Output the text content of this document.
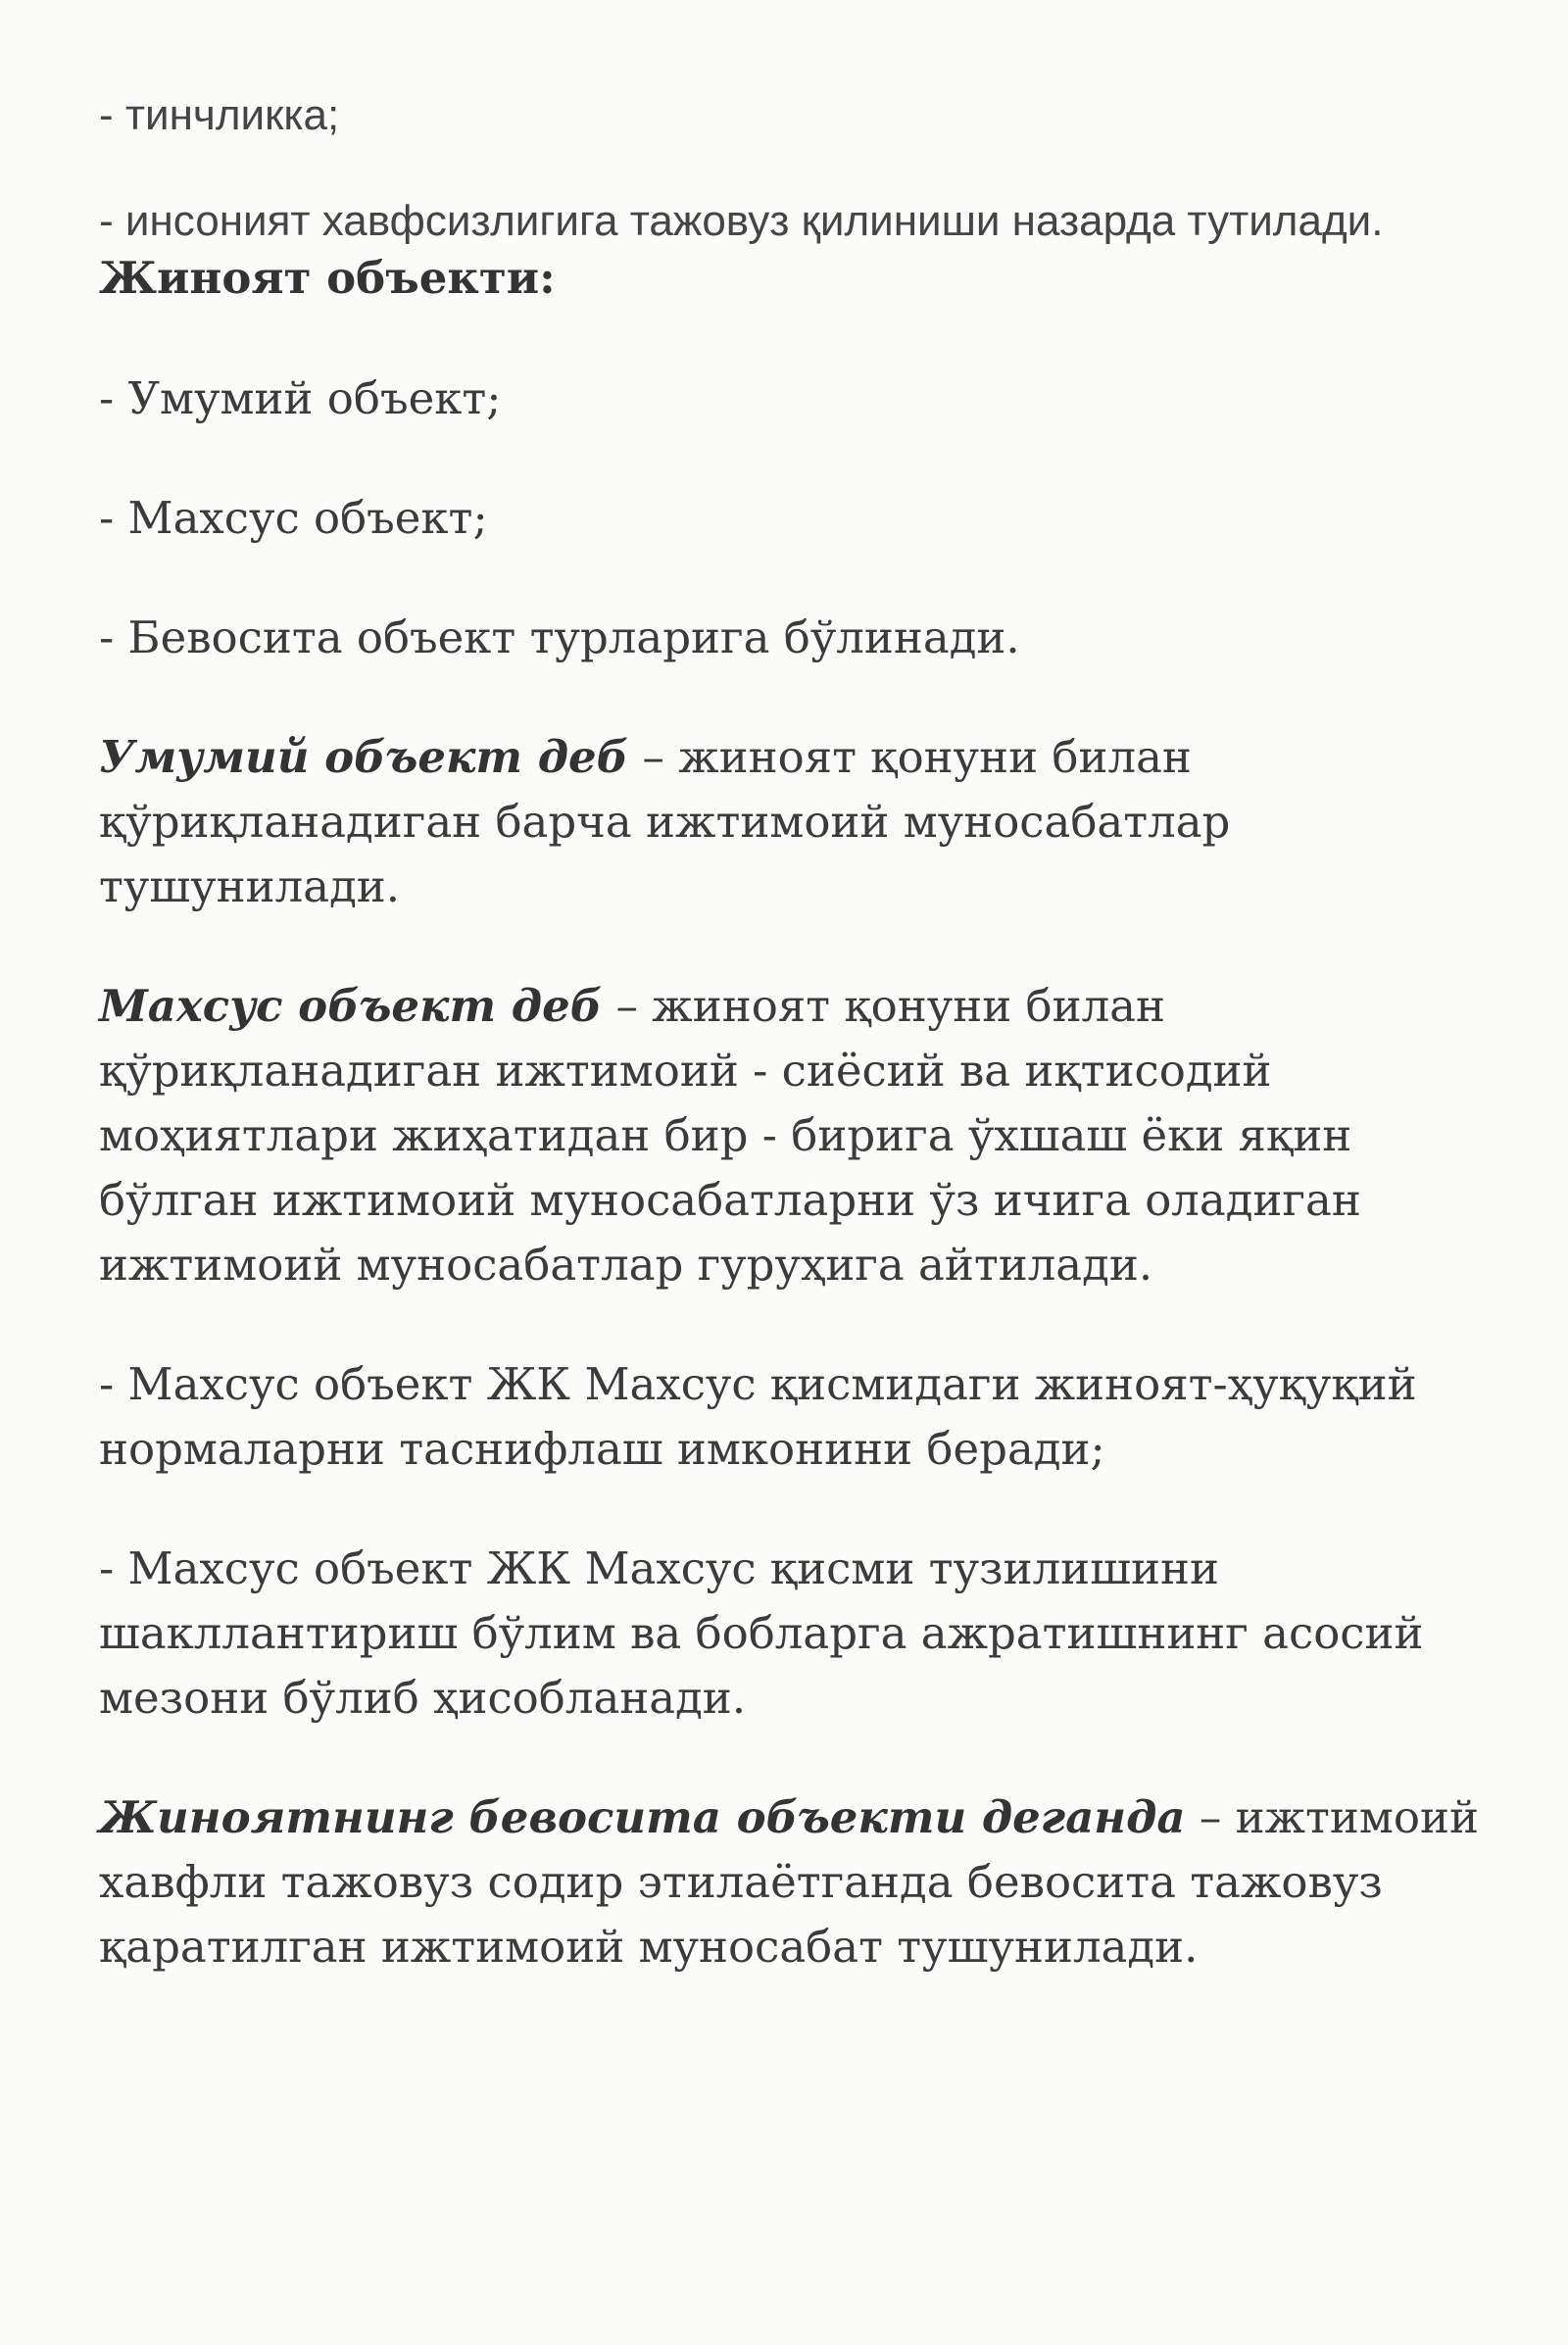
- тинчликка;

- инсоният хавфсизлигига тажовуз қилиниши назарда тутилади.

Жиноят объекти:

- Умумий объект;

- Махсус объект;

- Бевосита объект турларига бўлинади.

Умумий объект деб – жиноят қонуни билан қўриқланадиган барча ижтимоий муносабатлар тушунилади.

Махсус объект деб – жиноят қонуни билан қўриқланадиган ижтимоий - сиёсий ва иқтисодий моҳиятлари жиҳатидан бир - бирига ўхшаш ёки яқин бўлган ижтимоий муносабатларни ўз ичига оладиган ижтимоий муносабатлар гуруҳига айтилади.

- Махсус объект ЖК Махсус қисмидаги жиноят-ҳуқуқий нормаларни таснифлаш имконини беради;

- Махсус объект ЖК Махсус қисми тузилишини шакллантириш бўлим ва бобларга ажратишнинг асосий мезони бўлиб ҳисобланади.

Жиноятнинг бевосита объекти деганда – ижтимоий хавфли тажовуз содир этилаётганда бевосита тажовуз қаратилган ижтимоий муносабат тушунилади.
